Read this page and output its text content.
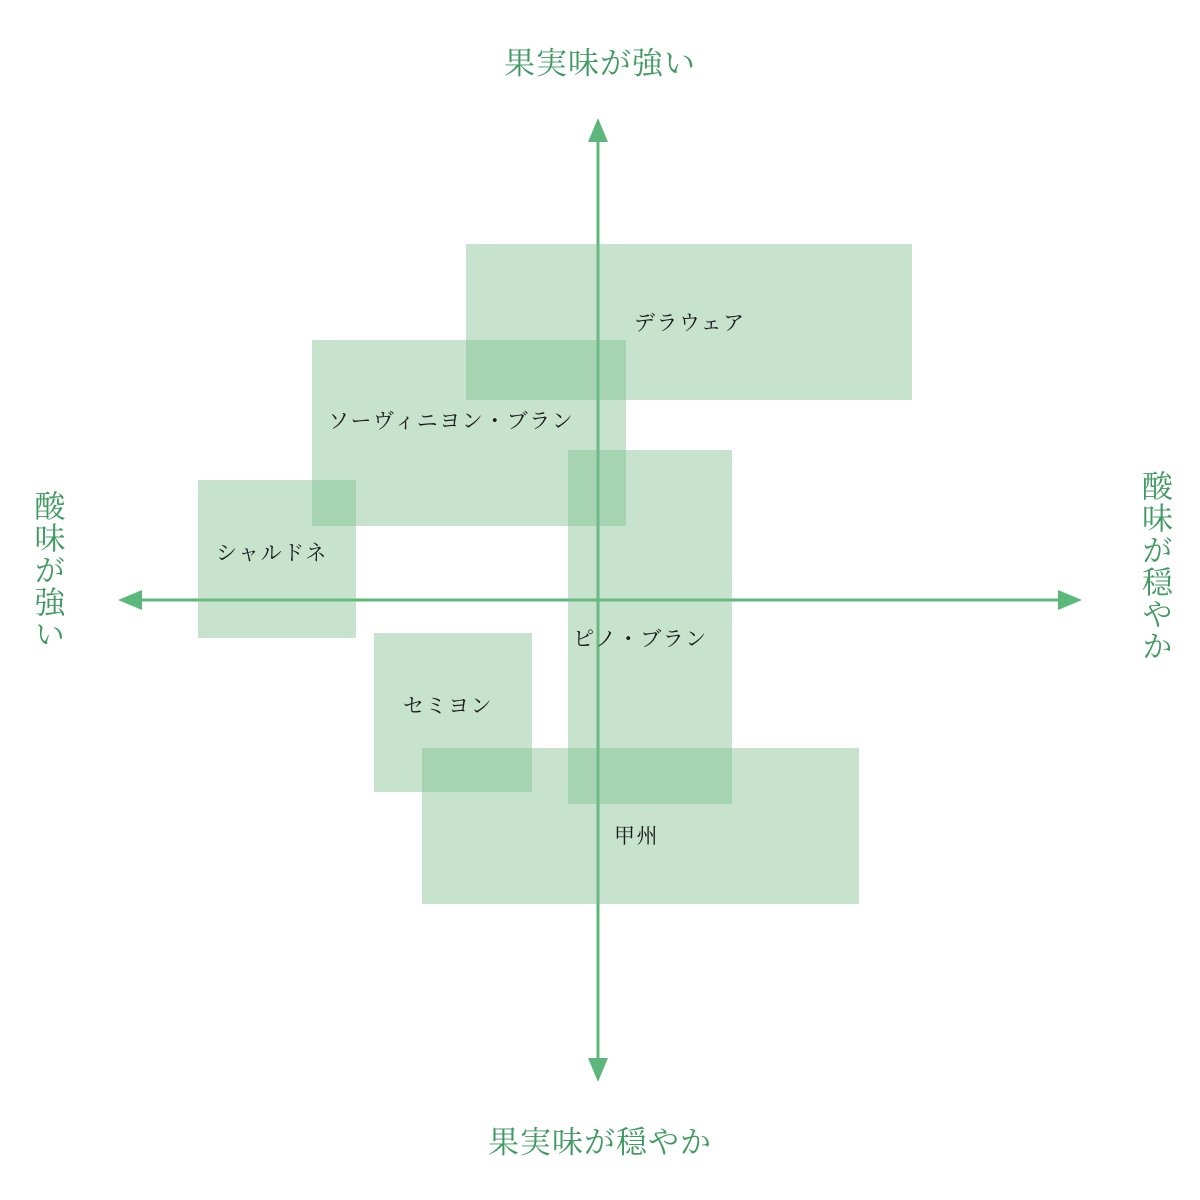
果実味が強い
果実味が穏やか
酸味が強い	酸味が穏やか
デラウェア
ソーヴィニヨン・ブラン
シャルドネ
ピノ・ブラン
セミヨン
甲州
